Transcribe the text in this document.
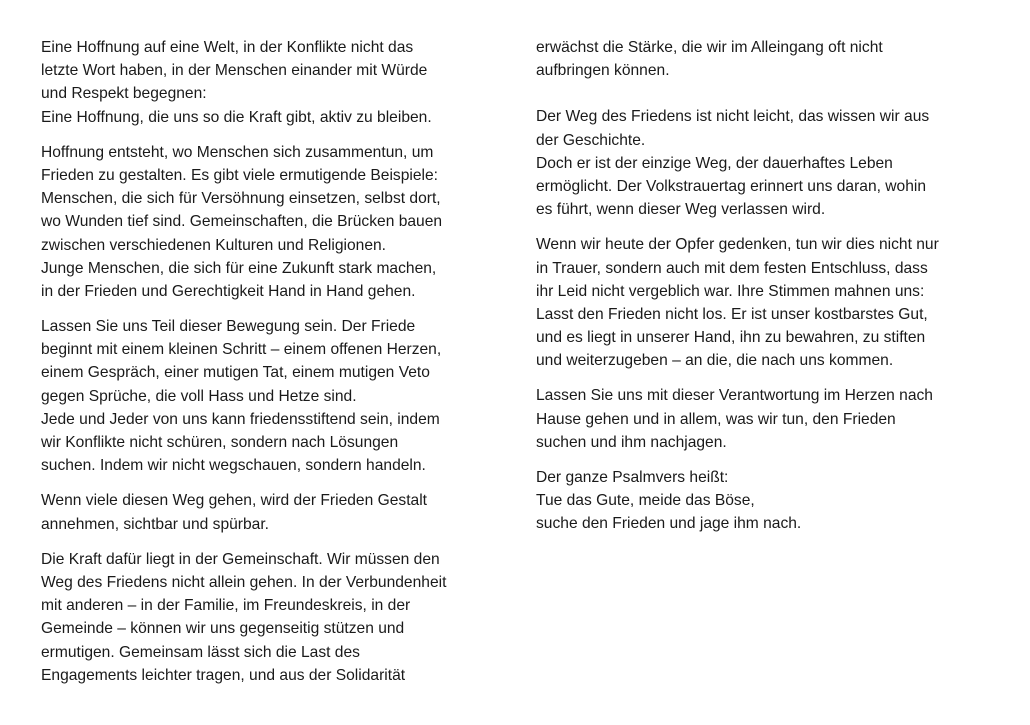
Eine Hoffnung auf eine Welt, in der Konflikte nicht das
letzte Wort haben, in der Menschen einander mit Würde
und Respekt begegnen:
Eine Hoffnung, die uns so die Kraft gibt, aktiv zu bleiben.

Hoffnung entsteht, wo Menschen sich zusammentun, um
Frieden zu gestalten. Es gibt viele ermutigende Beispiele:
Menschen, die sich für Versöhnung einsetzen, selbst dort,
wo Wunden tief sind. Gemeinschaften, die Brücken bauen
zwischen verschiedenen Kulturen und Religionen.
Junge Menschen, die sich für eine Zukunft stark machen,
in der Frieden und Gerechtigkeit Hand in Hand gehen.

Lassen Sie uns Teil dieser Bewegung sein. Der Friede
beginnt mit einem kleinen Schritt – einem offenen Herzen,
einem Gespräch, einer mutigen Tat, einem mutigen Veto
gegen Sprüche, die voll Hass und Hetze sind.
Jede und Jeder von uns kann friedensstiftend sein, indem
wir Konflikte nicht schüren, sondern nach Lösungen
suchen. Indem wir nicht wegschauen, sondern handeln.

Wenn viele diesen Weg gehen, wird der Frieden Gestalt
annehmen, sichtbar und spürbar.

Die Kraft dafür liegt in der Gemeinschaft. Wir müssen den
Weg des Friedens nicht allein gehen. In der Verbundenheit
mit anderen – in der Familie, im Freundeskreis, in der
Gemeinde – können wir uns gegenseitig stützen und
ermutigen. Gemeinsam lässt sich die Last des
Engagements leichter tragen, und aus der Solidarität

erwächst die Stärke, die wir im Alleingang oft nicht
aufbringen können.

Der Weg des Friedens ist nicht leicht, das wissen wir aus
der Geschichte.
Doch er ist der einzige Weg, der dauerhaftes Leben
ermöglicht. Der Volkstrauertag erinnert uns daran, wohin
es führt, wenn dieser Weg verlassen wird.

Wenn wir heute der Opfer gedenken, tun wir dies nicht nur
in Trauer, sondern auch mit dem festen Entschluss, dass
ihr Leid nicht vergeblich war. Ihre Stimmen mahnen uns:
Lasst den Frieden nicht los. Er ist unser kostbarstes Gut,
und es liegt in unserer Hand, ihn zu bewahren, zu stiften
und weiterzugeben – an die, die nach uns kommen.

Lassen Sie uns mit dieser Verantwortung im Herzen nach
Hause gehen und in allem, was wir tun, den Frieden
suchen und ihm nachjagen.

Der ganze Psalmvers heißt:
Tue das Gute, meide das Böse,
suche den Frieden und jage ihm nach.
